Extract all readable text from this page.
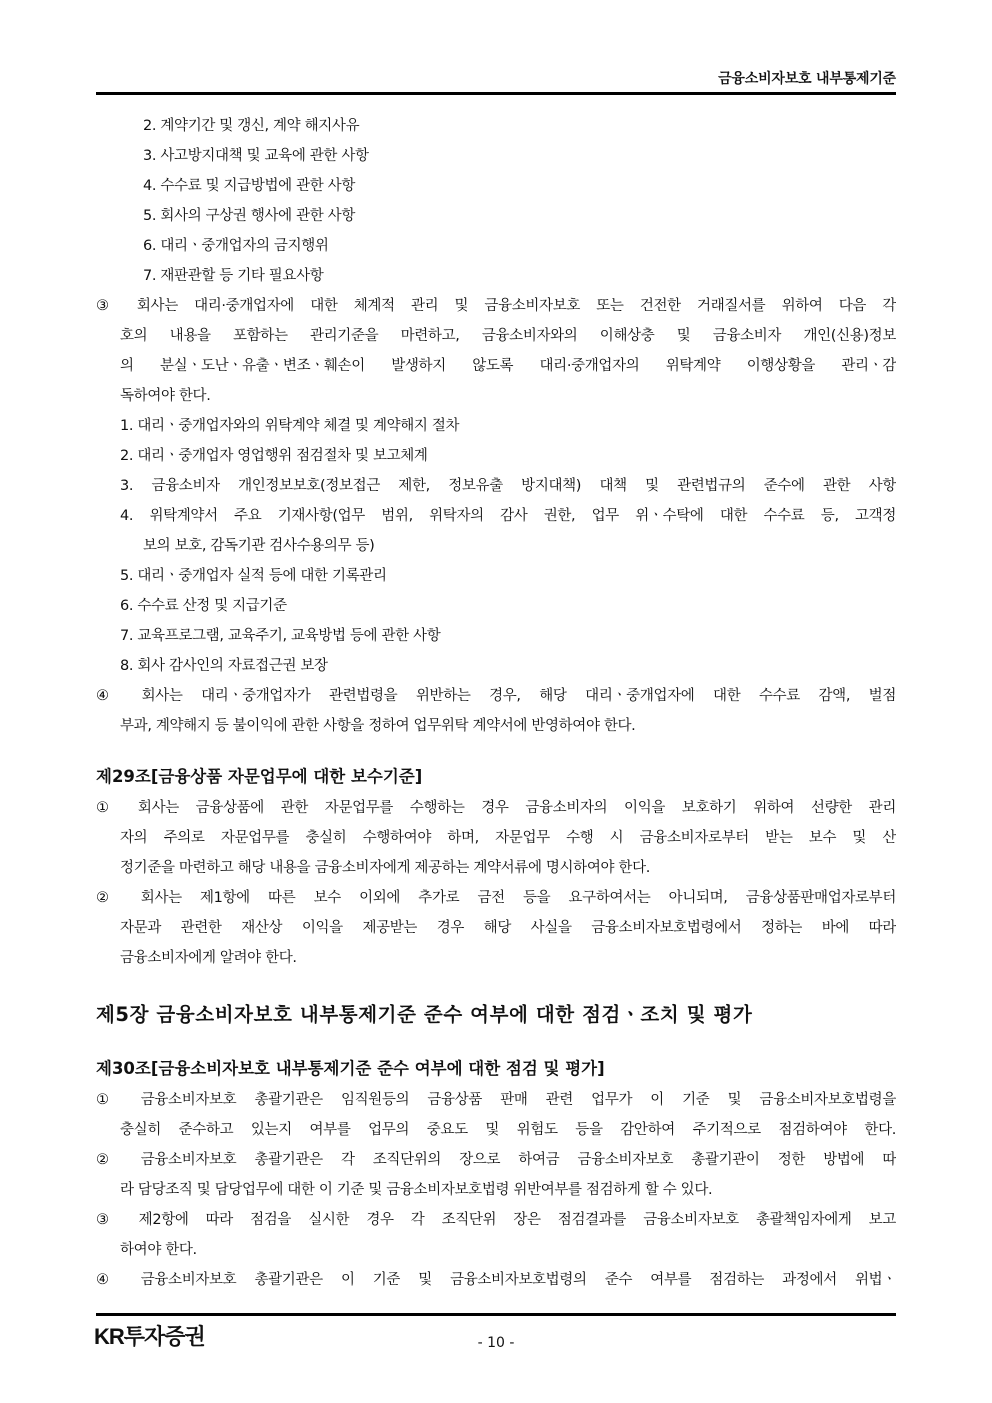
금융소비자보호 내부통제기준
2. 계약기간 및 갱신, 계약 해지사유
3. 사고방지대책 및 교육에 관한 사항
4. 수수료 및 지급방법에 관한 사항
5. 회사의 구상권 행사에 관한 사항
6. 대리ㆍ중개업자의 금지행위
7. 재판관할 등 기타 필요사항
③ 회사는 대리·중개업자에 대한 체계적 관리 및 금융소비자보호 또는 건전한 거래질서를 위하여 다음 각
호의 내용을 포함하는 관리기준을 마련하고, 금융소비자와의 이해상충 및 금융소비자 개인(신용)정보
의 분실ㆍ도난ㆍ유출ㆍ변조ㆍ훼손이 발생하지 않도록 대리·중개업자의 위탁계약 이행상황을 관리ㆍ감
독하여야 한다.
1. 대리ㆍ중개업자와의 위탁계약 체결 및 계약해지 절차
2. 대리ㆍ중개업자 영업행위 점검절차 및 보고체계
3. 금융소비자 개인정보보호(정보접근 제한, 정보유출 방지대책) 대책 및 관련법규의 준수에 관한 사항
4. 위탁계약서 주요 기재사항(업무 범위, 위탁자의 감사 권한, 업무 위ㆍ수탁에 대한 수수료 등, 고객정
보의 보호, 감독기관 검사수용의무 등)
5. 대리ㆍ중개업자 실적 등에 대한 기록관리
6. 수수료 산정 및 지급기준
7. 교육프로그램, 교육주기, 교육방법 등에 관한 사항
8. 회사 감사인의 자료접근권 보장
④ 회사는 대리ㆍ중개업자가 관련법령을 위반하는 경우, 해당 대리ㆍ중개업자에 대한 수수료 감액, 벌점
부과, 계약해지 등 불이익에 관한 사항을 정하여 업무위탁 계약서에 반영하여야 한다.
제29조[금융상품 자문업무에 대한 보수기준]
① 회사는 금융상품에 관한 자문업무를 수행하는 경우 금융소비자의 이익을 보호하기 위하여 선량한 관리
자의 주의로 자문업무를 충실히 수행하여야 하며, 자문업무 수행 시 금융소비자로부터 받는 보수 및 산
정기준을 마련하고 해당 내용을 금융소비자에게 제공하는 계약서류에 명시하여야 한다.
② 회사는 제1항에 따른 보수 이외에 추가로 금전 등을 요구하여서는 아니되며, 금융상품판매업자로부터
자문과 관련한 재산상 이익을 제공받는 경우 해당 사실을 금융소비자보호법령에서 정하는 바에 따라
금융소비자에게 알려야 한다.
제5장 금융소비자보호 내부통제기준 준수 여부에 대한 점검ㆍ조치 및 평가
제30조[금융소비자보호 내부통제기준 준수 여부에 대한 점검 및 평가]
① 금융소비자보호 총괄기관은 임직원등의 금융상품 판매 관련 업무가 이 기준 및 금융소비자보호법령을
충실히 준수하고 있는지 여부를 업무의 중요도 및 위험도 등을 감안하여 주기적으로 점검하여야 한다.
② 금융소비자보호 총괄기관은 각 조직단위의 장으로 하여금 금융소비자보호 총괄기관이 정한 방법에 따
라 담당조직 및 담당업무에 대한 이 기준 및 금융소비자보호법령 위반여부를 점검하게 할 수 있다.
③ 제2항에 따라 점검을 실시한 경우 각 조직단위 장은 점검결과를 금융소비자보호 총괄책임자에게 보고
하여야 한다.
④ 금융소비자보호 총괄기관은 이 기준 및 금융소비자보호법령의 준수 여부를 점검하는 과정에서 위법ㆍ
KR투자증권	- 10 -
